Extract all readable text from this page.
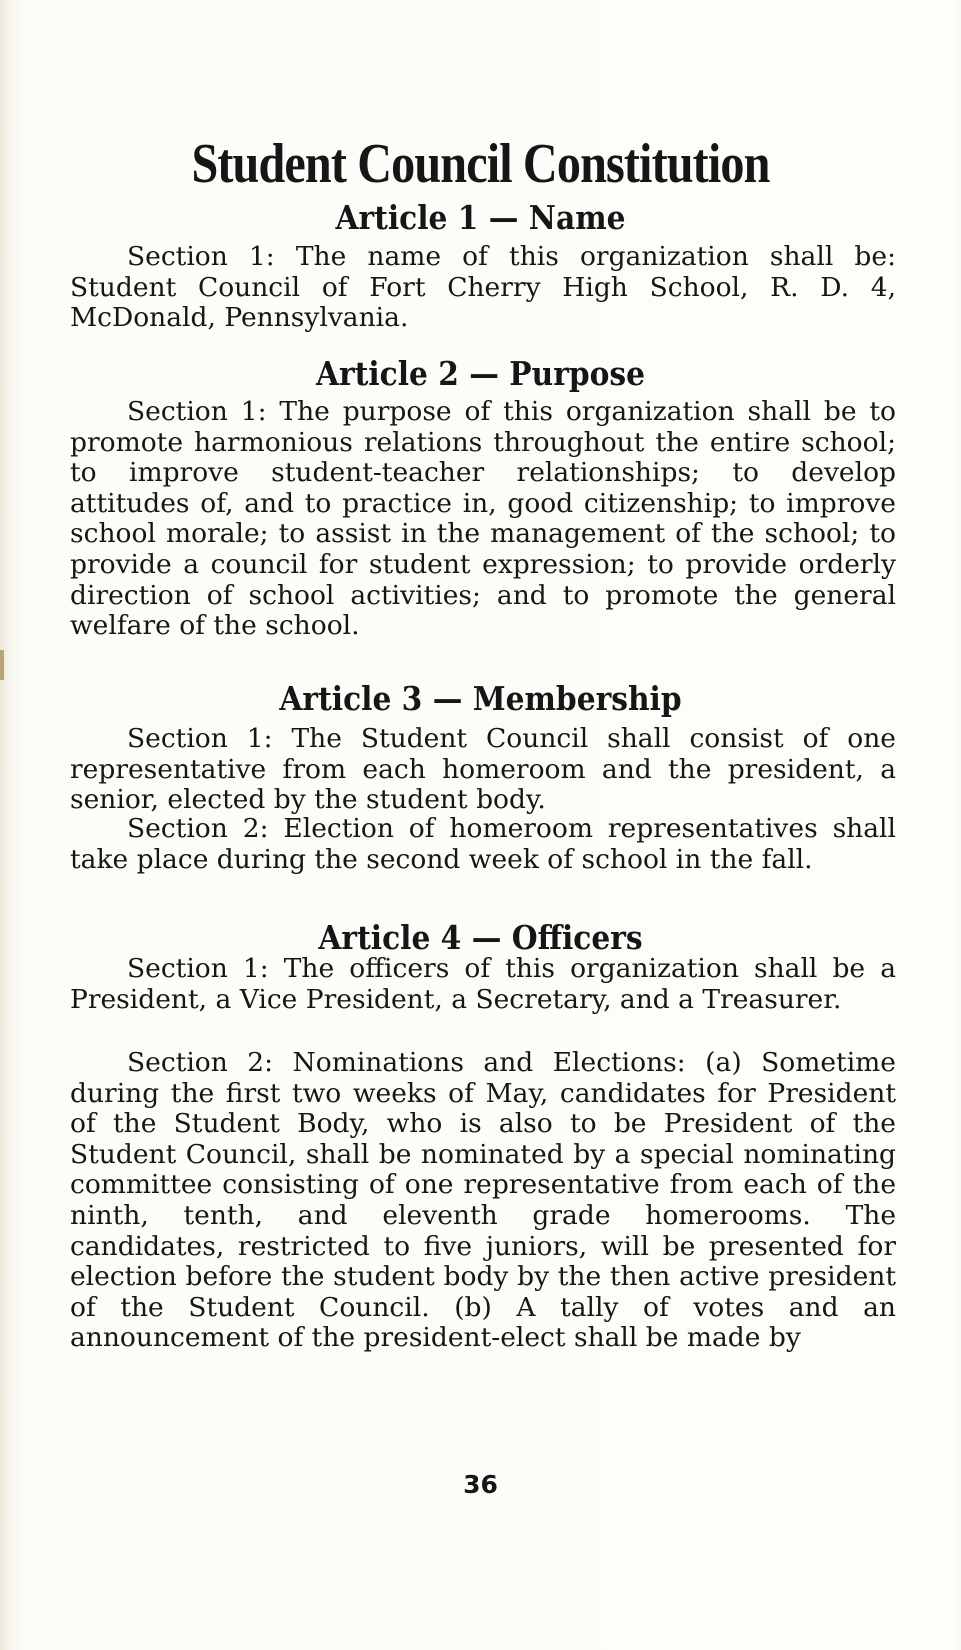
Student Council Constitution
Article 1 — Name

Section 1: The name of this organization shall be: Student Council of Fort Cherry High School, R. D. 4, McDonald, Pennsylvania.

Article 2 — Purpose

Section 1: The purpose of this organization shall be to promote harmonious relations throughout the entire school; to improve student-teacher relationships; to develop attitudes of, and to practice in, good citizenship; to improve school morale; to assist in the management of the school; to provide a council for student expression; to provide orderly direction of school activities; and to promote the general welfare of the school.

Article 3 — Membership

Section 1: The Student Council shall consist of one representative from each homeroom and the president, a senior, elected by the student body.

Section 2: Election of homeroom representatives shall take place during the second week of school in the fall.

Article 4 — Officers

Section 1: The officers of this organization shall be a President, a Vice President, a Secretary, and a Treasurer.

Section 2: Nominations and Elections: (a) Sometime during the first two weeks of May, candidates for President of the Student Body, who is also to be President of the Student Council, shall be nominated by a special nominating committee consisting of one representative from each of the ninth, tenth, and eleventh grade homerooms. The candidates, restricted to five juniors, will be presented for election before the student body by the then active president of the Student Council. (b) A tally of votes and an announcement of the president-elect shall be made by

36
